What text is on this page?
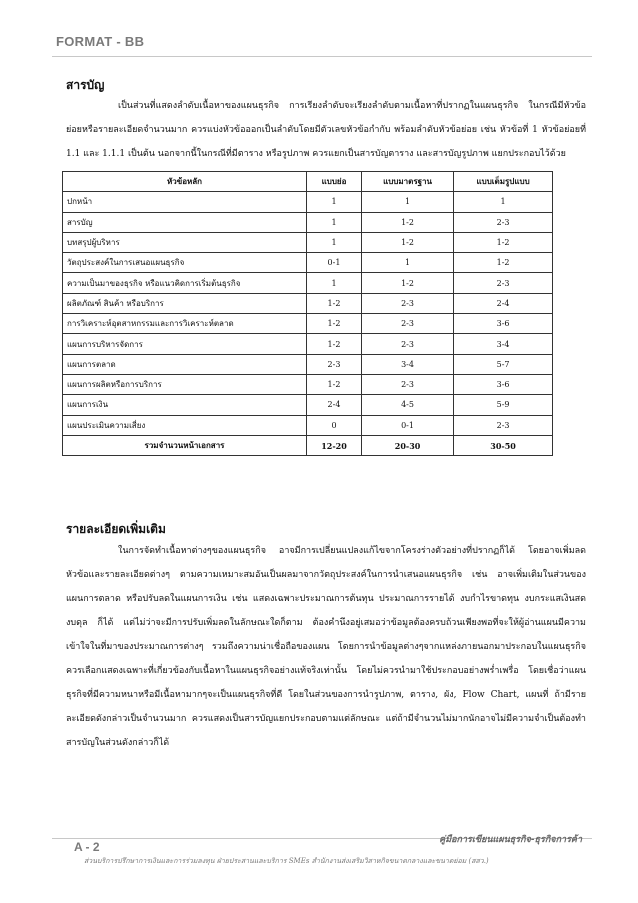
FORMAT - BB
สารบัญ

เป็นส่วนที่แสดงลำดับเนื้อหาของแผนธุรกิจ การเรียงลำดับจะเรียงลำดับตามเนื้อหาที่ปรากฏในแผนธุรกิจ ในกรณีมีหัวข้อย่อยหรือรายละเอียดจำนวนมาก ควรแบ่งหัวข้อออกเป็นลำดับโดยมีตัวเลขหัวข้อกำกับ พร้อมลำดับหัวข้อย่อย เช่น หัวข้อที่ 1 หัวข้อย่อยที่ 1.1 และ 1.1.1 เป็นต้น นอกจากนี้ในกรณีที่มีตาราง หรือรูปภาพ ควรแยกเป็นสารบัญตาราง และสารบัญรูปภาพ แยกประกอบไว้ด้วย

หัวข้อหลัก	แบบย่อ	แบบมาตรฐาน	แบบเต็มรูปแบบ
ปกหน้า	1	1	1
สารบัญ	1	1-2	2-3
บทสรุปผู้บริหาร	1	1-2	1-2
วัตถุประสงค์ในการเสนอแผนธุรกิจ	0-1	1	1-2
ความเป็นมาของธุรกิจ หรือแนวคิดการเริ่มต้นธุรกิจ	1	1-2	2-3
ผลิตภัณฑ์ สินค้า หรือบริการ	1-2	2-3	2-4
การวิเคราะห์อุตสาหกรรมและการวิเคราะห์ตลาด	1-2	2-3	3-6
แผนการบริหารจัดการ	1-2	2-3	3-4
แผนการตลาด	2-3	3-4	5-7
แผนการผลิตหรือการบริการ	1-2	2-3	3-6
แผนการเงิน	2-4	4-5	5-9
แผนประเมินความเสี่ยง	0	0-1	2-3
รวมจำนวนหน้าเอกสาร	12-20	20-30	30-50
รายละเอียดเพิ่มเติม

ในการจัดทำเนื้อหาต่างๆของแผนธุรกิจ อาจมีการเปลี่ยนแปลงแก้ไขจากโครงร่างตัวอย่างที่ปรากฏก็ได้ โดยอาจเพิ่มลดหัวข้อและรายละเอียดต่างๆ ตามความเหมาะสมอันเป็นผลมาจากวัตถุประสงค์ในการนำเสนอแผนธุรกิจ เช่น อาจเพิ่มเติมในส่วนของแผนการตลาด หรือปรับลดในแผนการเงิน เช่น แสดงเฉพาะประมาณการต้นทุน ประมาณการรายได้ งบกำไรขาดทุน งบกระแสเงินสด งบดุล ก็ได้ แต่ไม่ว่าจะมีการปรับเพิ่มลดในลักษณะใดก็ตาม ต้องคำนึงอยู่เสมอว่าข้อมูลต้องครบถ้วนเพียงพอที่จะให้ผู้อ่านแผนมีความเข้าใจในที่มาของประมาณการต่างๆ รวมถึงความน่าเชื่อถือของแผน โดยการนำข้อมูลต่างๆจากแหล่งภายนอกมาประกอบในแผนธุรกิจ ควรเลือกแสดงเฉพาะที่เกี่ยวข้องกับเนื้อหาในแผนธุรกิจอย่างแท้จริงเท่านั้น โดยไม่ควรนำมาใช้ประกอบอย่างพร่ำเพรื่อ โดยเชื่อว่าแผนธุรกิจที่มีความหนาหรือมีเนื้อหามากๆจะเป็นแผนธุรกิจที่ดี โดยในส่วนของการนำรูปภาพ, ตาราง, ผัง, Flow Chart, แผนที่ ถ้ามีรายละเอียดดังกล่าวเป็นจำนวนมาก ควรแสดงเป็นสารบัญแยกประกอบตามแต่ลักษณะ แต่ถ้ามีจำนวนไม่มากนักอาจไม่มีความจำเป็นต้องทำสารบัญในส่วนดังกล่าวก็ได้

A - 2	คู่มือการเขียนแผนธุรกิจ-ธุรกิจการค้า
ส่วนบริการปรึกษาการเงินและการร่วมลงทุน ฝ่ายประสานและบริการ SMEs สำนักงานส่งเสริมวิสาหกิจขนาดกลางและขนาดย่อม (สสว.)
